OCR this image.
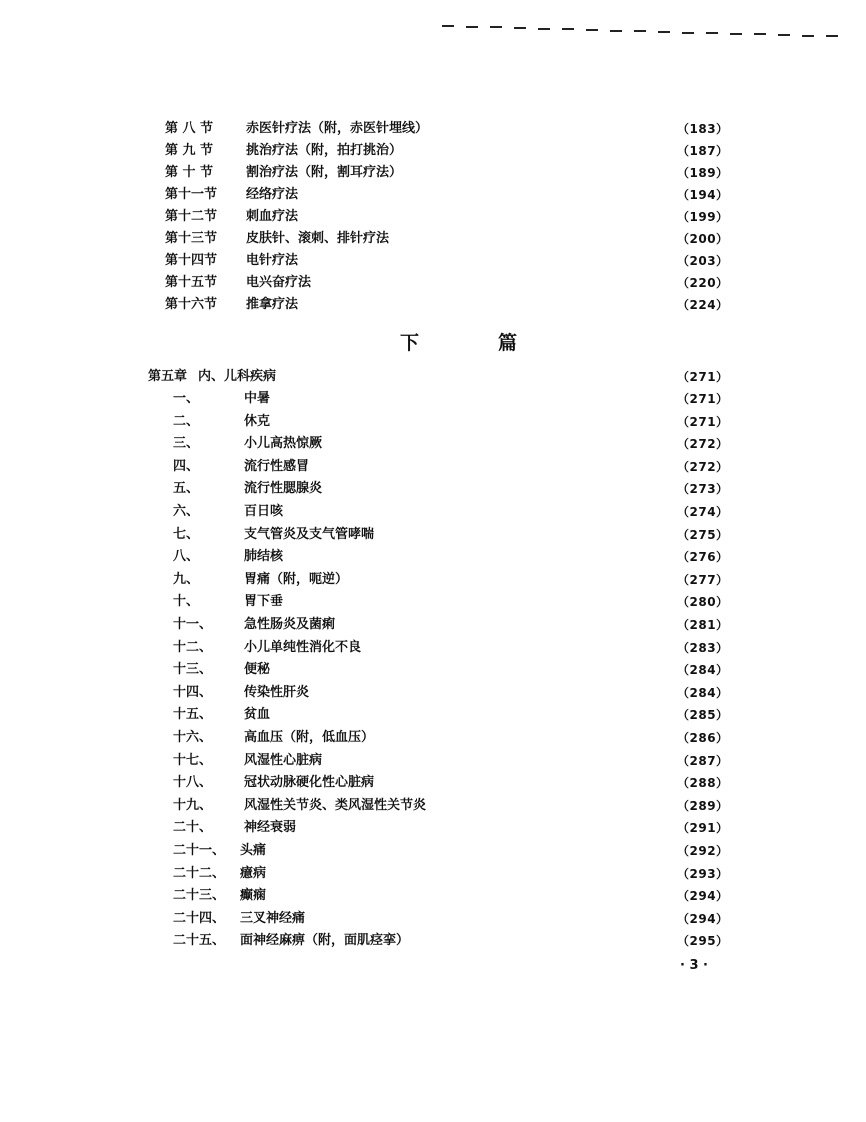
第 八 节	赤医针疗法（附，赤医针埋线）	（183）
第 九 节	挑治疗法（附，拍打挑治）	（187）
第 十 节	割治疗法（附，割耳疗法）	（189）
第十一节 经络疗法	（194）
第十二节 刺血疗法	（199）
第十三节 皮肤针、滚刺、排针疗法	（200）
第十四节 电针疗法	（203）
第十五节 电兴奋疗法	（220）
第十六节 推拿疗法	（224）
下　篇
第五章 内、儿科疾病	（271）
一、	中暑	（271）
二、	休克	（271）
三、	小儿高热惊厥	（272）
四、	流行性感冒	（272）
五、	流行性腮腺炎	（273）
六、	百日咳	（274）
七、	支气管炎及支气管哮喘	（275）
八、	肺结核	（276）
九、	胃痛（附，呃逆）	（277）
十、	胃下垂	（280）
十一、 急性肠炎及菌痢	（281）
十二、 小儿单纯性消化不良	（283）
十三、 便秘	（284）
十四、 传染性肝炎	（284）
十五、 贫血	（285）
十六、 高血压（附，低血压）	（286）
十七、 风湿性心脏病	（287）
十八、 冠状动脉硬化性心脏病	（288）
十九、 风湿性关节炎、类风湿性关节炎	（289）
二十、 神经衰弱	（291）
二十一、 头痛	（292）
二十二、 癔病	（293）
二十三、 癫痫	（294）
二十四、 三叉神经痛	（294）
二十五、 面神经麻痹（附，面肌痉挛）	（295）
· 3 ·
